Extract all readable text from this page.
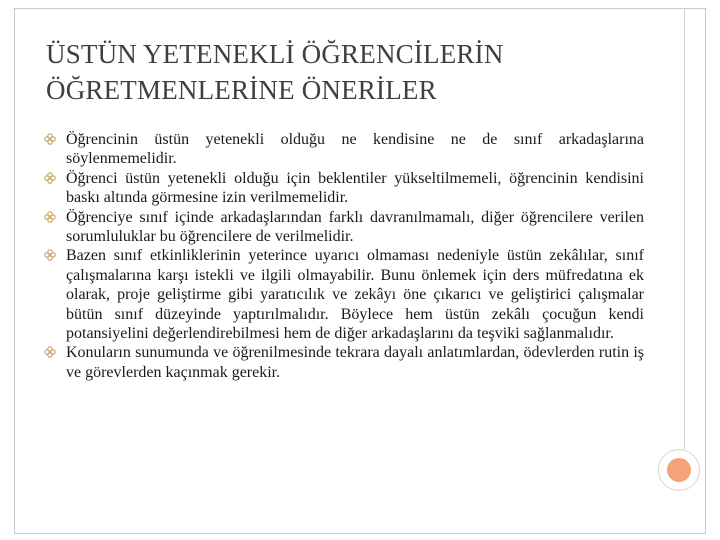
ÜSTÜN YETENEKLİ ÖĞRENCİLERİN
ÖĞRETMENLERİNE ÖNERİLER
Öğrencinin üstün yetenekli olduğu ne kendisine ne de sınıf arkadaşlarına söylenmemelidir.
Öğrenci üstün yetenekli olduğu için beklentiler yükseltilmemeli, öğrencinin kendisini baskı altında görmesine izin verilmemelidir.
Öğrenciye sınıf içinde arkadaşlarından farklı davranılmamalı, diğer öğrencilere verilen sorumluluklar bu öğrencilere de verilmelidir.
Bazen sınıf etkinliklerinin yeterince uyarıcı olmaması nedeniyle üstün zekâlılar, sınıf çalışmalarına karşı istekli ve ilgili olmayabilir. Bunu önlemek için ders müfredatına ek olarak, proje geliştirme gibi yaratıcılık ve zekâyı öne çıkarıcı ve geliştirici çalışmalar bütün sınıf düzeyinde yaptırılmalıdır. Böylece hem üstün zekâlı çocuğun kendi potansiyelini değerlendirebilmesi hem de diğer arkadaşlarını da teşviki sağlanmalıdır.
Konuların sunumunda ve öğrenilmesinde tekrara dayalı anlatımlardan, ödevlerden rutin iş ve görevlerden kaçınmak gerekir.
